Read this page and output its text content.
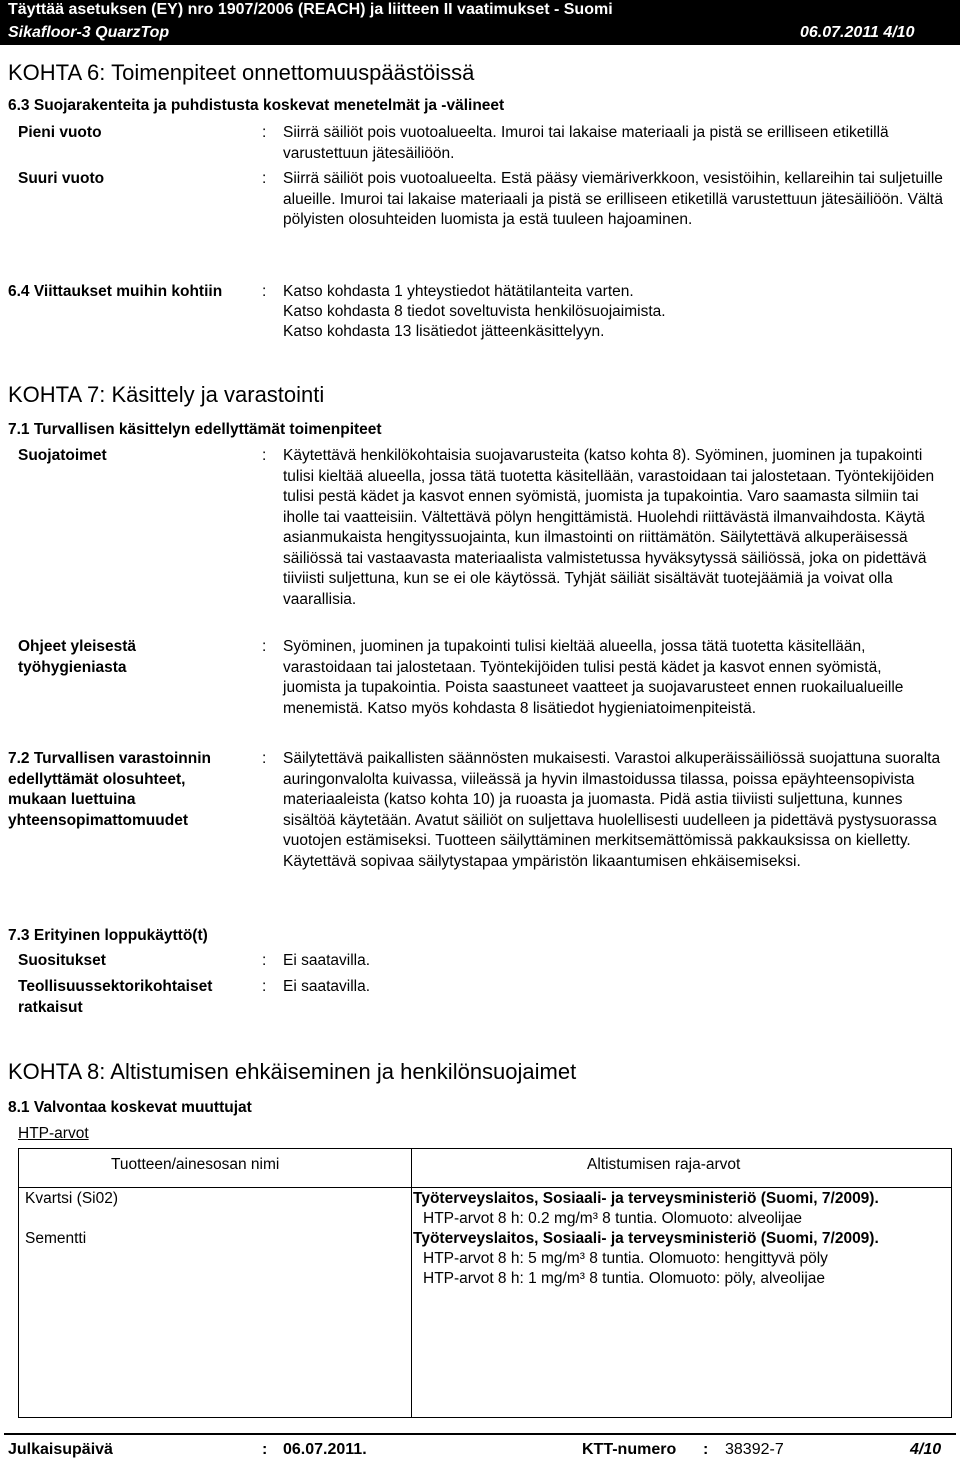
Täyttää asetuksen (EY) nro 1907/2006 (REACH) ja liitteen II vaatimukset - Suomi
Sikafloor-3 QuarzTop	06.07.2011 4/10
KOHTA 6: Toimenpiteet onnettomuuspäästöissä
6.3 Suojarakenteita ja puhdistusta koskevat menetelmät ja -välineet
Pieni vuoto	: Siirrä säiliöt pois vuotoalueelta. Imuroi tai lakaise materiaali ja pistä se erilliseen etiketillä varustettuun jätesäiliöön.
Suuri vuoto	: Siirrä säiliöt pois vuotoalueelta. Estä pääsy viemäriverkkoon, vesistöihin, kellareihin tai suljetuille alueille. Imuroi tai lakaise materiaali ja pistä se erilliseen etiketillä varustettuun jätesäiliöön. Vältä pölyisten olosuhteiden luomista ja estä tuuleen hajoaminen.
6.4 Viittaukset muihin kohtiin	: Katso kohdasta 1 yhteystiedot hätätilanteita varten.
Katso kohdasta 8 tiedot soveltuvista henkilösuojaimista.
Katso kohdasta 13 lisätiedot jätteenkäsittelyyn.
KOHTA 7: Käsittely ja varastointi
7.1 Turvallisen käsittelyn edellyttämät toimenpiteet
Suojatoimet	: Käytettävä henkilökohtaisia suojavarusteita (katso kohta 8). Syöminen, juominen ja tupakointi tulisi kieltää alueella, jossa tätä tuotetta käsitellään, varastoidaan tai jalostetaan. Työntekijöiden tulisi pestä kädet ja kasvot ennen syömistä, juomista ja tupakointia. Varo saamasta silmiin tai iholle tai vaatteisiin. Vältettävä pölyn hengittämistä. Huolehdi riittävästä ilmanvaihdosta. Käytä asianmukaista hengityssuojainta, kun ilmastointi on riittämätön. Säilytettävä alkuperäisessä säiliössä tai vastaavasta materiaalista valmistetussa hyväksytyssä säiliössä, joka on pidettävä tiiviisti suljettuna, kun se ei ole käytössä. Tyhjät säiliät sisältävät tuotejäämiä ja voivat olla vaarallisia.
Ohjeet yleisestä työhygieniasta
: Syöminen, juominen ja tupakointi tulisi kieltää alueella, jossa tätä tuotetta käsitellään, varastoidaan tai jalostetaan. Työntekijöiden tulisi pestä kädet ja kasvot ennen syömistä, juomista ja tupakointia. Poista saastuneet vaatteet ja suojavarusteet ennen ruokailualueille menemistä. Katso myös kohdasta 8 lisätiedot hygieniatoimenpiteistä.
7.2 Turvallisen varastoinnin edellyttämät olosuhteet, mukaan luettuina yhteensopimattomuudet
: Säilytettävä paikallisten säännösten mukaisesti. Varastoi alkuperäissäiliössä suojattuna suoralta auringonvalolta kuivassa, viileässä ja hyvin ilmastoidussa tilassa, poissa epäyhteensopivista materiaaleista (katso kohta 10) ja ruoasta ja juomasta. Pidä astia tiiviisti suljettuna, kunnes sisältöä käytetään. Avatut säiliöt on suljettava huolellisesti uudelleen ja pidettävä pystysuorassa vuotojen estämiseksi. Tuotteen säilyttäminen merkitsemättömissä pakkauksissa on kielletty. Käytettävä sopivaa säilytystapaa ympäristön likaantumisen ehkäisemiseksi.
7.3 Erityinen loppukäyttö(t)
Suositukset	: Ei saatavilla.
Teollisuussektorikohtaiset ratkaisut
: Ei saatavilla.
KOHTA 8: Altistumisen ehkäiseminen ja henkilönsuojaimet
8.1 Valvontaa koskevat muuttujat
HTP-arvot
Tuotteen/ainesosan nimi	Altistumisen raja-arvot
Kvartsi (Si02)	Työterveyslaitos, Sosiaali- ja terveysministeriö (Suomi, 7/2009).
HTP-arvot 8 h: 0.2 mg/m³ 8 tuntia. Olomuoto: alveolijae
Sementti	Työterveyslaitos, Sosiaali- ja terveysministeriö (Suomi, 7/2009).
HTP-arvot 8 h: 5 mg/m³ 8 tuntia. Olomuoto: hengittyvä pöly
HTP-arvot 8 h: 1 mg/m³ 8 tuntia. Olomuoto: pöly, alveolijae
Julkaisupäivä	: 06.07.2011.	KTT-numero : 38392-7	4/10
